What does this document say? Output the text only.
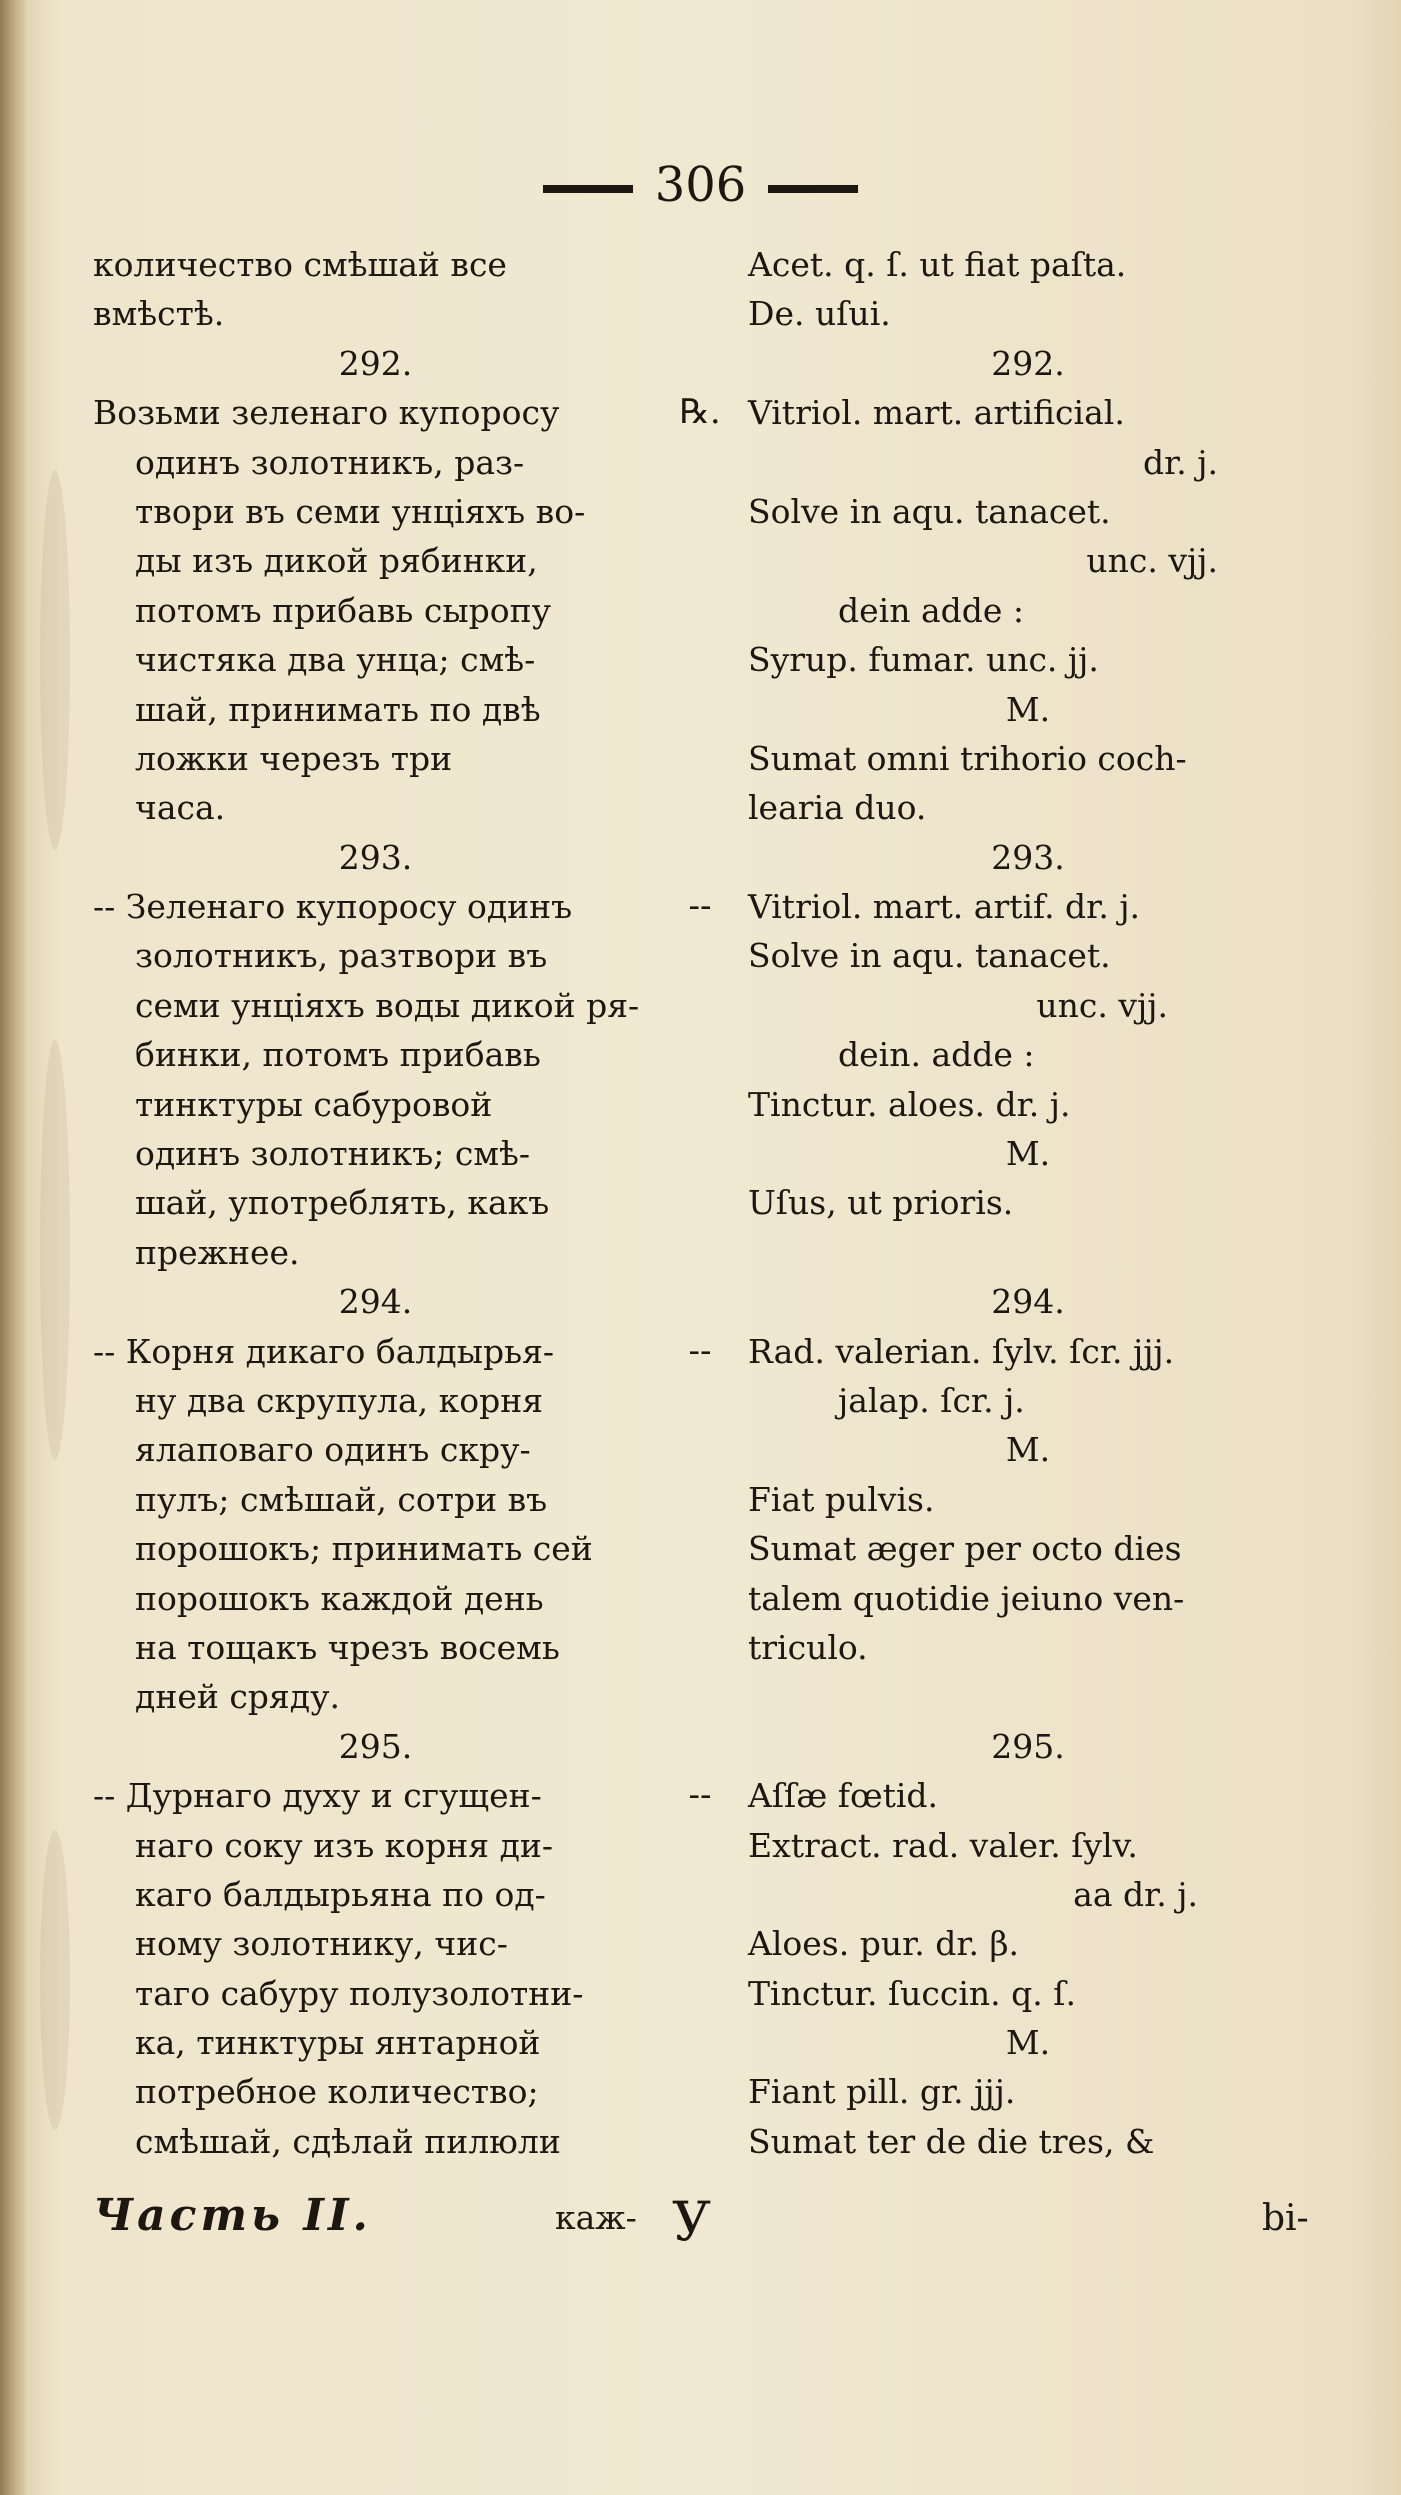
306
количество смѣшай все
вмѣстѣ.
292.
Возьми зеленаго купоросу
одинъ золотникъ, раз-
твори въ семи унціяхъ во-
ды изъ дикой рябинки,
потомъ прибавь сыропу
чистяка два унца; смѣ-
шай, принимать по двѣ
ложки черезъ три
часа.
293.
-- Зеленаго купоросу одинъ
золотникъ, разтвори въ
семи унціяхъ воды дикой ря-
бинки, потомъ прибавь
тинктуры сабуровой
одинъ золотникъ; смѣ-
шай, употреблять, какъ
прежнее.
294.
-- Корня дикаго балдырья-
ну два скрупула, корня
ялаповаго одинъ скру-
пулъ; смѣшай, сотри въ
порошокъ; принимать сей
порошокъ каждой день
на тощакъ чрезъ восемь
дней сряду.
295.
-- Дурнаго духу и сгущен-
наго соку изъ корня ди-
каго балдырьяна по од-
ному золотнику, чис-
таго сабуру полузолотни-
ка, тинктуры янтарной
потребное количество;
смѣшай, сдѣлай пилюли
℞.
--
--
--
Acet. q. ſ. ut fiat paſta.
De. uſui.
292.
Vitriol. mart. artificial.
dr. j.
Solve in aqu. tanacet.
unc. vjj.
dein adde :
Syrup. fumar. unc. jj.
M.
Sumat omni trihorio coch-
learia duo.
293.
Vitriol. mart. artif. dr. j.
Solve in aqu. tanacet.
unc. vjj.
dein. adde :
Tinctur. aloes. dr. j.
M.
Uſus, ut prioris.
294.
Rad. valerian. ſylv. ſcr. jjj.
jalap. ſcr. j.
M.
Fiat pulvis.
Sumat æger per octo dies
talem quotidie jeiuno ven-
triculo.
295.
Aſſæ fœtid.
Extract. rad. valer. ſylv.
aa dr. j.
Aloes. pur. dr. β.
Tinctur. ſuccin. q. ſ.
M.
Fiant pill. gr. jjj.
Sumat ter de die tres, &
Часть II.	каж- У	bi-
